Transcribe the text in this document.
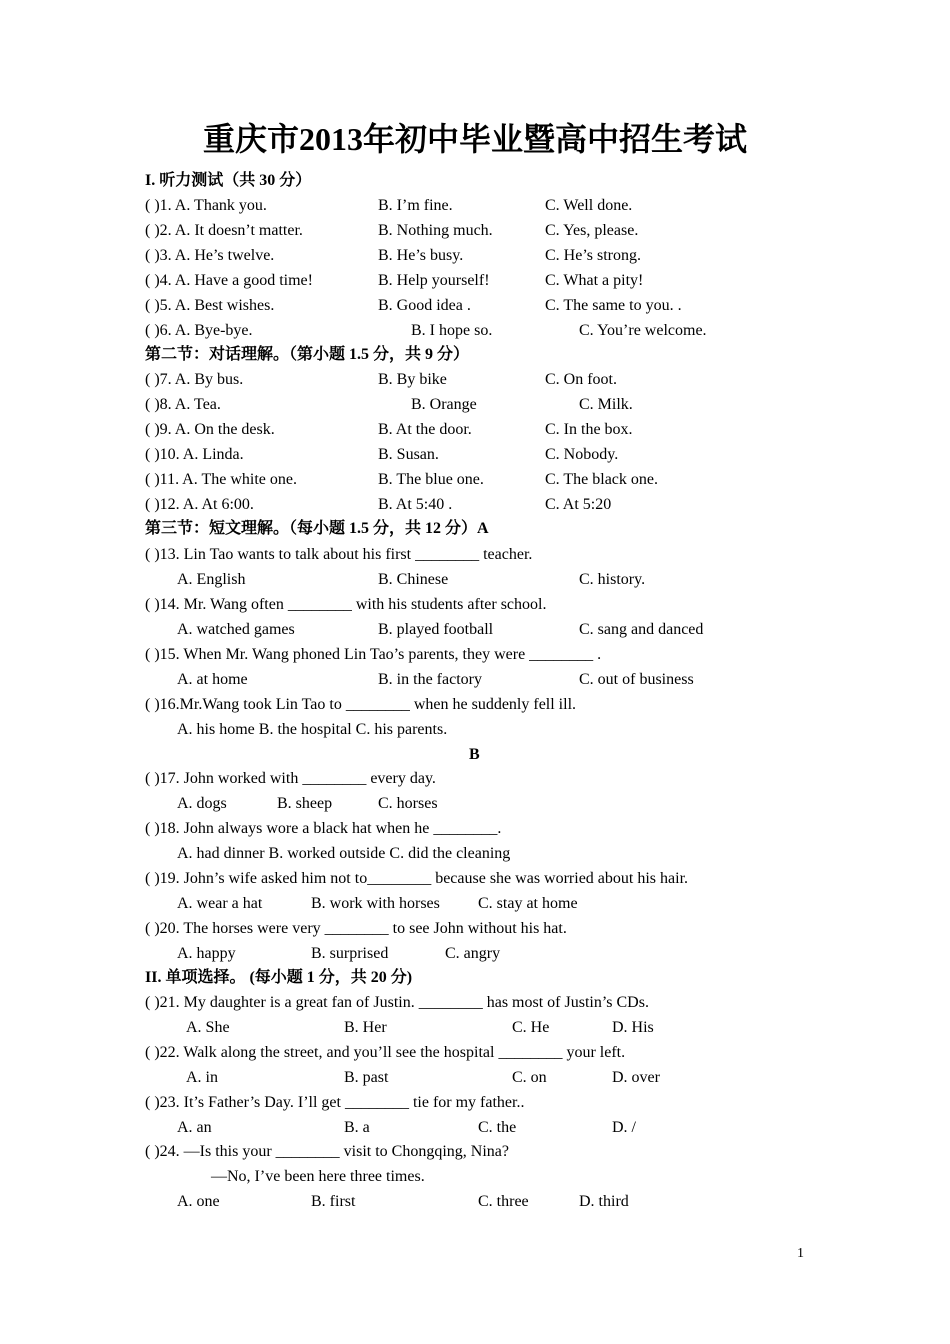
重庆市2013年初中毕业暨高中招生考试
I. 听力测试（共 30 分）
( )1. A. Thank you.	B. I’m fine.	C. Well done.
( )2. A. It doesn’t matter.	B. Nothing much.	C. Yes, please.
( )3. A. He’s twelve.	B. He’s busy.	C. He’s strong.
( )4. A. Have a good time!	B. Help yourself!	C. What a pity!
( )5. A. Best wishes.	B. Good idea .	C. The same to you. .
( )6. A. Bye-bye.	B. I hope so.	C. You’re welcome.
第二节：对话理解。（第小题 1.5 分，共 9 分）
( )7. A. By bus.	B. By bike	C. On foot.
( )8. A. Tea.	B. Orange	C. Milk.
( )9. A. On the desk.	B. At the door.	C. In the box.
( )10. A. Linda.	B. Susan.	C. Nobody.
( )11. A. The white one.	B. The blue one.	C. The black one.
( )12. A. At 6:00.	B. At 5:40 .	C. At 5:20
第三节：短文理解。（每小题 1.5 分，共 12 分）A
( )13. Lin Tao wants to talk about his first ________ teacher.
A. English	B. Chinese	C. history.
( )14. Mr. Wang often ________ with his students after school.
A. watched games	B. played football	C. sang and danced
( )15. When Mr. Wang phoned Lin Tao’s parents, they were ________ .
A. at home	B. in the factory	C. out of business
( )16.Mr.Wang took Lin Tao to ________ when he suddenly fell ill.
A. his home B. the hospital C. his parents.
B
( )17. John worked with ________ every day.
A. dogs	B. sheep	C. horses
( )18. John always wore a black hat when he ________.
A. had dinner B. worked outside C. did the cleaning
( )19. John’s wife asked him not to________ because she was worried about his hair.
A. wear a hat	B. work with horses C. stay at home
( )20. The horses were very ________ to see John without his hat.
A. happy	B. surprised	C. angry
II. 单项选择。 (每小题 1 分，共 20 分)
( )21. My daughter is a great fan of Justin. ________ has most of Justin’s CDs.
A. She	B. Her	C. He	D. His
( )22. Walk along the street, and you’ll see the hospital ________ your left.
A. in	B. past	C. on	D. over
( )23. It’s Father’s Day. I’ll get ________ tie for my father..
A. an	B. a	C. the	D. /
( )24. —Is this your ________ visit to Chongqing, Nina?
—No, I’ve been here three times.
A. one	B. first	C. three	D. third
1
